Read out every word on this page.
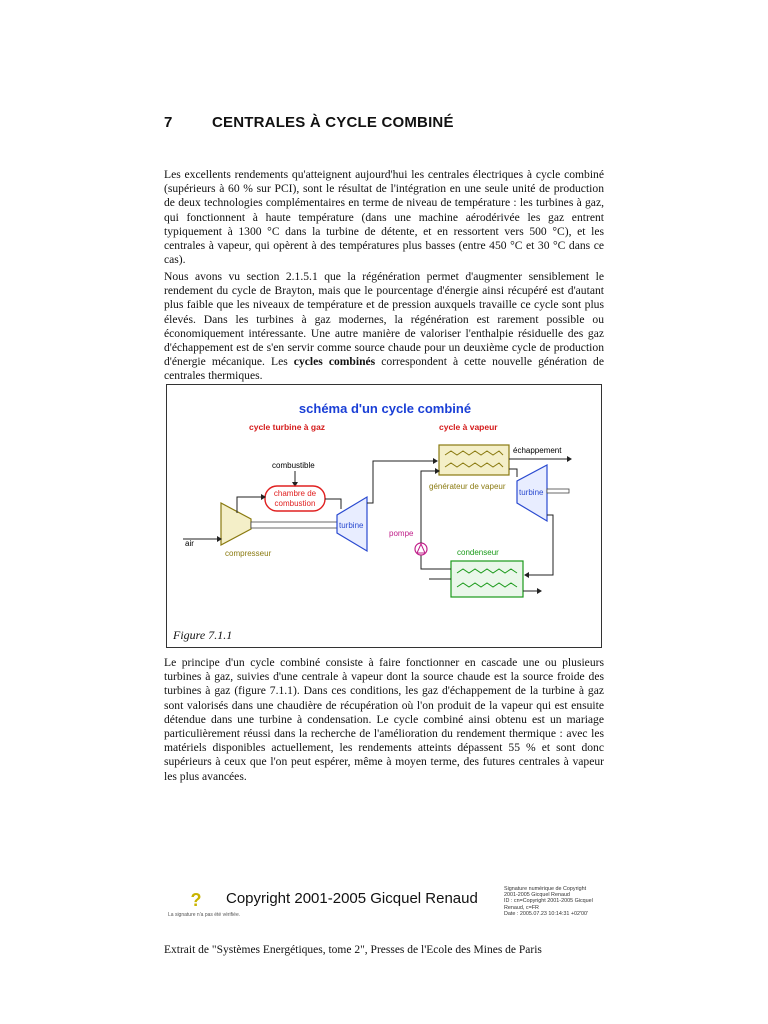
7	CENTRALES À CYCLE COMBINÉ

Les excellents rendements qu'atteignent aujourd'hui les centrales électriques à cycle combiné (supérieurs à 60 % sur PCI), sont le résultat de l'intégration en une seule unité de production de deux technologies complémentaires en terme de niveau de température : les turbines à gaz, qui fonctionnent à haute température (dans une machine aérodérivée les gaz entrent typiquement à 1300 °C dans la turbine de détente, et en ressortent vers 500 °C), et les centrales à vapeur, qui opèrent à des températures plus basses (entre 450 °C et 30 °C dans ce cas).

Nous avons vu section 2.1.5.1 que la régénération permet d'augmenter sensiblement le rendement du cycle de Brayton, mais que le pourcentage d'énergie ainsi récupéré est d'autant plus faible que les niveaux de température et de pression auxquels travaille ce cycle sont plus élevés. Dans les turbines à gaz modernes, la régénération est rarement possible ou économiquement intéressante. Une autre manière de valoriser l'enthalpie résiduelle des gaz d'échappement est de s'en servir comme source chaude pour un deuxième cycle de production d'énergie mécanique. Les cycles combinés correspondent à cette nouvelle génération de centrales thermiques.

schéma d'un cycle combiné
cycle turbine à gaz	cycle à vapeur
combustible
chambre de
combustion
compresseur
air
turbine
générateur de vapeur
échappement
turbine
condenseur
pompe
Figure 7.1.1

Le principe d'un cycle combiné consiste à faire fonctionner en cascade une ou plusieurs turbines à gaz, suivies d'une centrale à vapeur dont la source chaude est la source froide des turbines à gaz (figure 7.1.1). Dans ces conditions, les gaz d'échappement de la turbine à gaz sont valorisés dans une chaudière de récupération où l'on produit de la vapeur qui est ensuite détendue dans une turbine à condensation. Le cycle combiné ainsi obtenu est un mariage particulièrement réussi dans la recherche de l'amélioration du rendement thermique : avec les matériels disponibles actuellement, les rendements atteints dépassent 55 % et sont donc supérieurs à ceux que l'on peut espérer, même à moyen terme, des futures centrales à vapeur les plus avancées.

?
La signature n'a pas été vérifiée.
Copyright 2001-2005 Gicquel Renaud
Signature numérique de Copyright
2001-2005 Gicquel Renaud
ID : cn=Copyright 2001-2005 Gicquel
Renaud, c=FR
Date : 2005.07.23 10:14:31 +02'00'
Extrait de "Systèmes Energétiques, tome 2", Presses de l'Ecole des Mines de Paris
